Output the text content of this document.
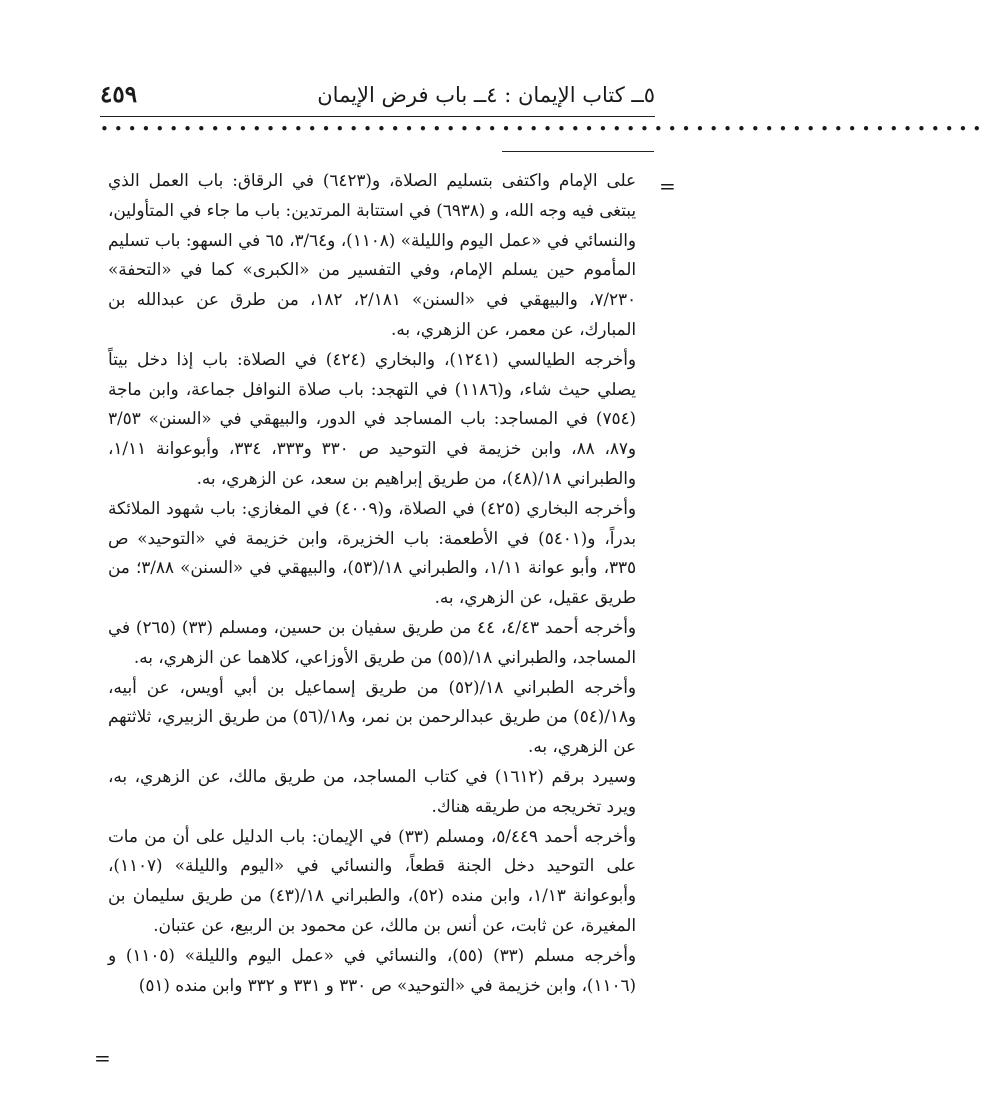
٥ــ كتاب الإيمان : ٤ــ باب فرض الإيمان
٤٥٩
••••••••••••••••••••••••••••••••••••••••••••••••••••••••••••••••
=

على الإمام واكتفى بتسليم الصلاة، و(٦٤٢٣) في الرقاق: باب العمل الذي يبتغى فيه وجه الله، و (٦٩٣٨) في استتابة المرتدين: باب ما جاء في المتأولين، والنسائي في «عمل اليوم والليلة» (١١٠٨)، و٣/٦٤، ٦٥ في السهو: باب تسليم المأموم حين يسلم الإمام، وفي التفسير من «الكبرى» كما في «التحفة» ٧/٢٣٠، والبيهقي في «السنن» ٢/١٨١، ١٨٢، من طرق عن عبدالله بن المبارك، عن معمر، عن الزهري، به.

وأخرجه الطيالسي (١٢٤١)، والبخاري (٤٢٤) في الصلاة: باب إذا دخل بيتاً يصلي حيث شاء، و(١١٨٦) في التهجد: باب صلاة النوافل جماعة، وابن ماجة (٧٥٤) في المساجد: باب المساجد في الدور، والبيهقي في «السنن» ٣/٥٣ و٨٧، ٨٨، وابن خزيمة في التوحيد ص ٣٣٠ و٣٣٣، ٣٣٤، وأبوعوانة ١/١١، والطبراني ١٨/(٤٨)، من طريق إبراهيم بن سعد، عن الزهري، به.

وأخرجه البخاري (٤٢٥) في الصلاة، و(٤٠٠٩) في المغازي: باب شهود الملائكة بدراً، و(٥٤٠١) في الأطعمة: باب الخزيرة، وابن خزيمة في «التوحيد» ص ٣٣٥، وأبو عوانة ١/١١، والطبراني ١٨/(٥٣)، والبيهقي في «السنن» ٣/٨٨؛ من طريق عقيل، عن الزهري، به.

وأخرجه أحمد ٤/٤٣، ٤٤ من طريق سفيان بن حسين، ومسلم (٣٣) (٢٦٥) في المساجد، والطبراني ١٨/(٥٥) من طريق الأوزاعي، كلاهما عن الزهري، به.

وأخرجه الطبراني ١٨/(٥٢) من طريق إسماعيل بن أبي أويس، عن أبيه، و١٨/(٥٤) من طريق عبدالرحمن بن نمر، و١٨/(٥٦) من طريق الزبيري، ثلاثتهم عن الزهري، به.

وسيرد برقم (١٦١٢) في كتاب المساجد، من طريق مالك، عن الزهري، به، ويرد تخريجه من طريقه هناك.

وأخرجه أحمد ٥/٤٤٩، ومسلم (٣٣) في الإيمان: باب الدليل على أن من مات على التوحيد دخل الجنة قطعاً، والنسائي في «اليوم والليلة» (١١٠٧)، وأبوعوانة ١/١٣، وابن منده (٥٢)، والطبراني ١٨/(٤٣) من طريق سليمان بن المغيرة، عن ثابت، عن أنس بن مالك، عن محمود بن الربيع، عن عتبان.

وأخرجه مسلم (٣٣) (٥٥)، والنسائي في «عمل اليوم والليلة» (١١٠٥) و (١١٠٦)، وابن خزيمة في «التوحيد» ص ٣٣٠ و ٣٣١ و ٣٣٢ وابن منده (٥١)

=
